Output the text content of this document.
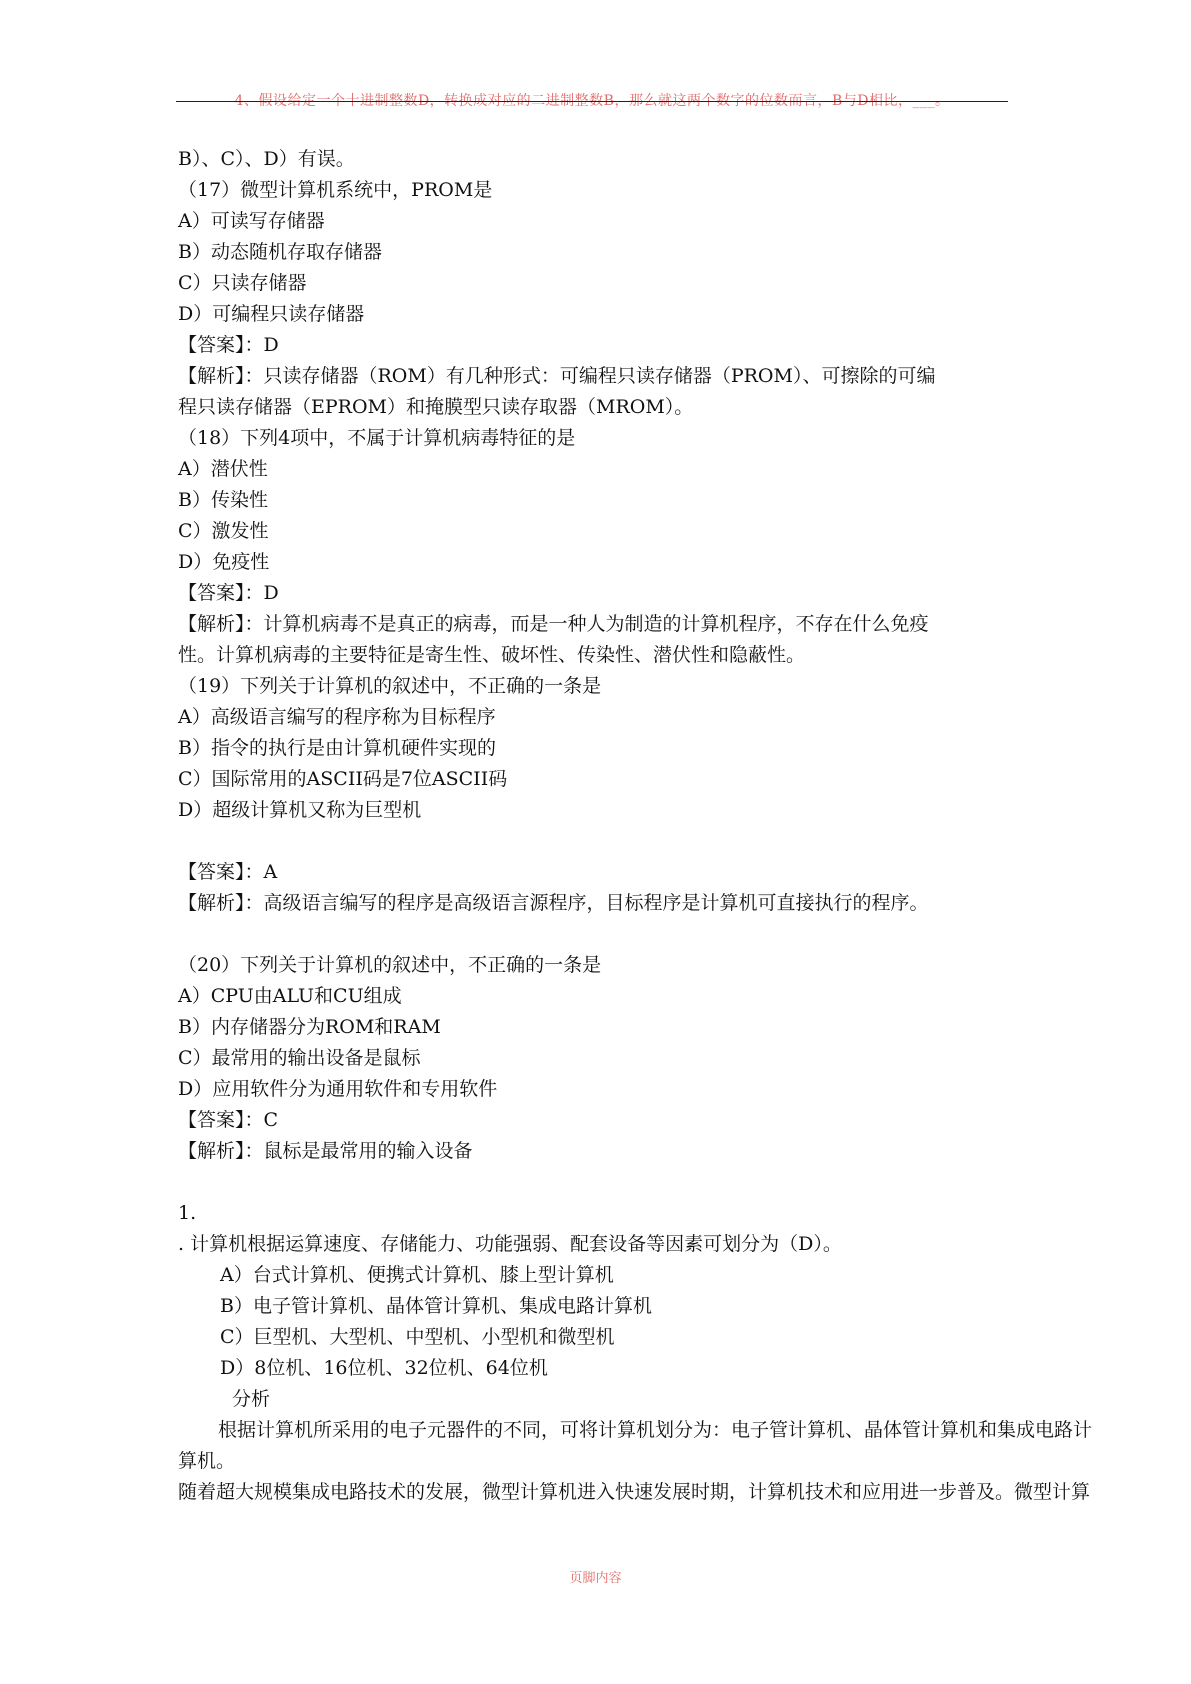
4、假设给定一个十进制整数D，转换成对应的二进制整数B，那么就这两个数字的位数而言，B与D相比，___。
B）、C）、D）有误。
（17）微型计算机系统中，PROM是
A）可读写存储器
B）动态随机存取存储器
C）只读存储器
D）可编程只读存储器
【答案】：D
【解析】：只读存储器（ROM）有几种形式：可编程只读存储器（PROM）、可擦除的可编
程只读存储器（EPROM）和掩膜型只读存取器（MROM）。
（18）下列4项中，不属于计算机病毒特征的是
A）潜伏性
B）传染性
C）激发性
D）免疫性
【答案】：D
【解析】：计算机病毒不是真正的病毒，而是一种人为制造的计算机程序，不存在什么免疫
性。计算机病毒的主要特征是寄生性、破坏性、传染性、潜伏性和隐蔽性。
（19）下列关于计算机的叙述中，不正确的一条是
A）高级语言编写的程序称为目标程序
B）指令的执行是由计算机硬件实现的
C）国际常用的ASCII码是7位ASCII码
D）超级计算机又称为巨型机
【答案】：A
【解析】：高级语言编写的程序是高级语言源程序，目标程序是计算机可直接执行的程序。
（20）下列关于计算机的叙述中，不正确的一条是
A）CPU由ALU和CU组成
B）内存储器分为ROM和RAM
C）最常用的输出设备是鼠标
D）应用软件分为通用软件和专用软件
【答案】：C
【解析】：鼠标是最常用的输入设备
1.
. 计算机根据运算速度、存储能力、功能强弱、配套设备等因素可划分为（D）。
A）台式计算机、便携式计算机、膝上型计算机
B）电子管计算机、晶体管计算机、集成电路计算机
C）巨型机、大型机、中型机、小型机和微型机
D）8位机、16位机、32位机、64位机
分析
根据计算机所采用的电子元器件的不同，可将计算机划分为：电子管计算机、晶体管计算机和集成电路计
算机。
随着超大规模集成电路技术的发展，微型计算机进入快速发展时期，计算机技术和应用进一步普及。微型计算
页脚内容
